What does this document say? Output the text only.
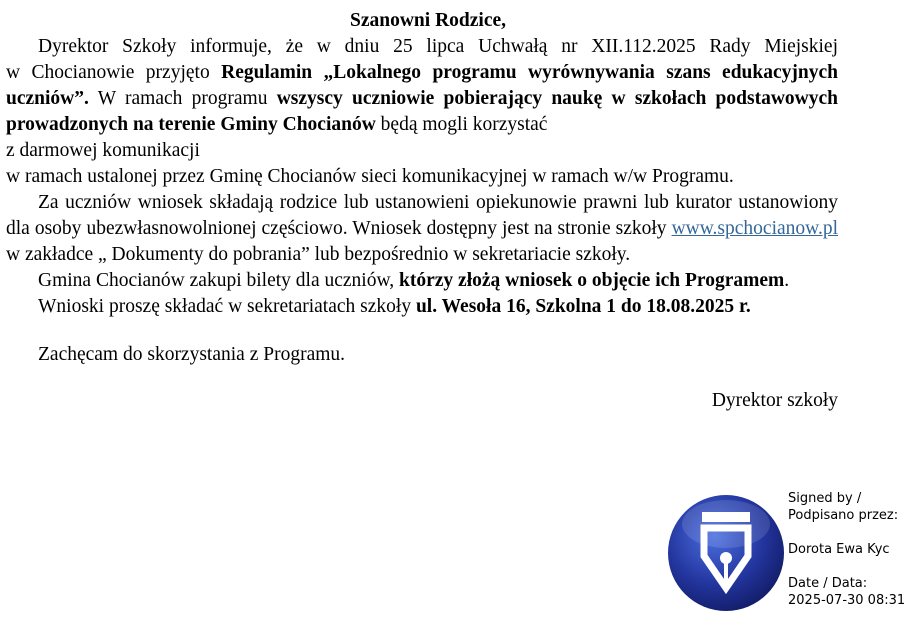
Szanowni Rodzice,

Dyrektor Szkoły informuje, że w dniu 25 lipca Uchwałą nr XII.112.2025 Rady Miejskiej

w Chocianowie przyjęto Regulamin „Lokalnego programu wyrównywania szans edukacyjnych uczniów”. W ramach programu wszyscy uczniowie pobierający naukę w szkołach podstawowych prowadzonych na terenie Gminy Chocianów będą mogli korzystać

z darmowej komunikacji

w ramach ustalonej przez Gminę Chocianów sieci komunikacyjnej w ramach w/w Programu.

Za uczniów wniosek składają rodzice lub ustanowieni opiekunowie prawni lub kurator ustanowiony dla osoby ubezwłasnowolnionej częściowo. Wniosek dostępny jest na stronie szkoły www.spchocianow.pl w zakładce „ Dokumenty do pobrania” lub bezpośrednio w sekretariacie szkoły.

Gmina Chocianów zakupi bilety dla uczniów, którzy złożą wniosek o objęcie ich Programem.

Wnioski proszę składać w sekretariatach szkoły ul. Wesoła 16, Szkolna 1 do 18.08.2025 r.

Zachęcam do skorzystania z Programu.

Dyrektor szkoły
Signed by /
Podpisano przez:
Dorota Ewa Kyc
Date / Data:
2025-07-30 08:31
